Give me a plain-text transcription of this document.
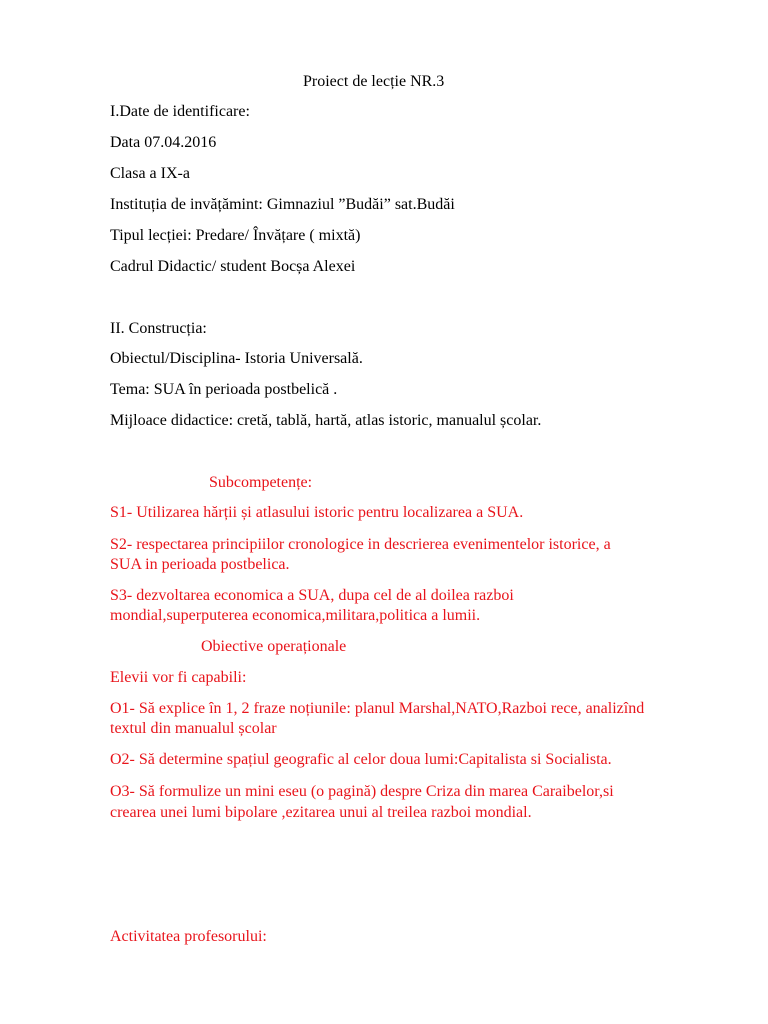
Proiect de lecție NR.3
I.Date de identificare:
Data 07.04.2016
Clasa a IX-a
Instituția de invățămint: Gimnaziul ”Budăi” sat.Budăi
Tipul lecției: Predare/ Învățare ( mixtă)
Cadrul Didactic/ student Bocșa Alexei
II. Construcția:
Obiectul/Disciplina- Istoria Universală.
Tema: SUA în perioada postbelică .
Mijloace didactice: cretă, tablă, hartă, atlas istoric, manualul școlar.
Subcompetențe:
S1- Utilizarea hărții și atlasului istoric pentru localizarea a SUA.
S2- respectarea principiilor cronologice in descrierea evenimentelor istorice, a
SUA in perioada postbelica.
S3- dezvoltarea economica a SUA, dupa cel de al doilea razboi
mondial,superputerea economica,militara,politica a lumii.
Obiective operaționale
Elevii vor fi capabili:
O1- Să explice în 1, 2 fraze noțiunile: planul Marshal,NATO,Razboi rece, analizînd
textul din manualul școlar
O2- Să determine spațiul geografic al celor doua lumi:Capitalista si Socialista.
O3- Să formulize un mini eseu (o pagină) despre Criza din marea Caraibelor,si
crearea unei lumi bipolare ,ezitarea unui al treilea razboi mondial.
Activitatea profesorului:
